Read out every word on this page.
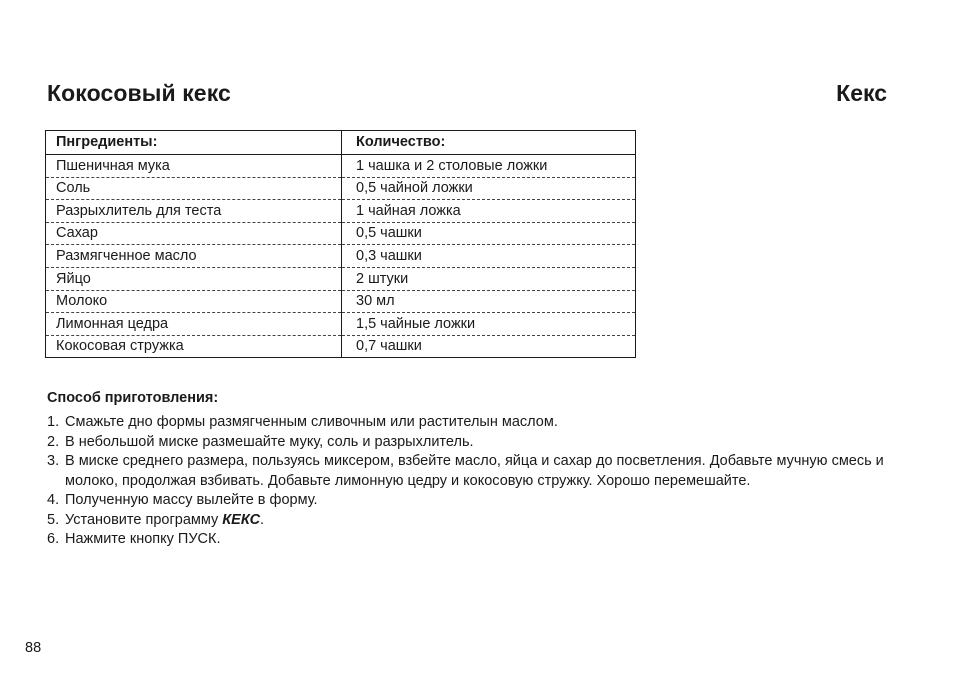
Кокосовый кекс	Кекс
Пнгредиенты:	Количество:
Пшеничная мука	1 чашка и 2 столовые ложки
Соль	0,5 чайной ложки
Разрыхлитель для теста	1 чайная ложка
Сахар	0,5 чашки
Размягченное масло	0,3 чашки
Яйцо	2 штуки
Молоко	30 мл
Лимонная цедра	1,5 чайные ложки
Кокосовая стружка	0,7 чашки
Способ приготовления:
1. Смажьте дно формы размягченным сливочным или растителын маслом.
2. В небольшой миске размешайте муку, соль и разрыхлитель.
3. В миске среднего размера, пользуясь миксером, взбейте масло, яйца и сахар до посветления. Добавьте мучную смесь и молоко, продолжая взбивать. Добавьте лимонную цедру и кокосовую стружку. Хорошо перемешайте.
4. Полученную массу вылейте в форму.
5. Установите программу КЕКС.
6. Нажмите кнопку ПУСК.
88
